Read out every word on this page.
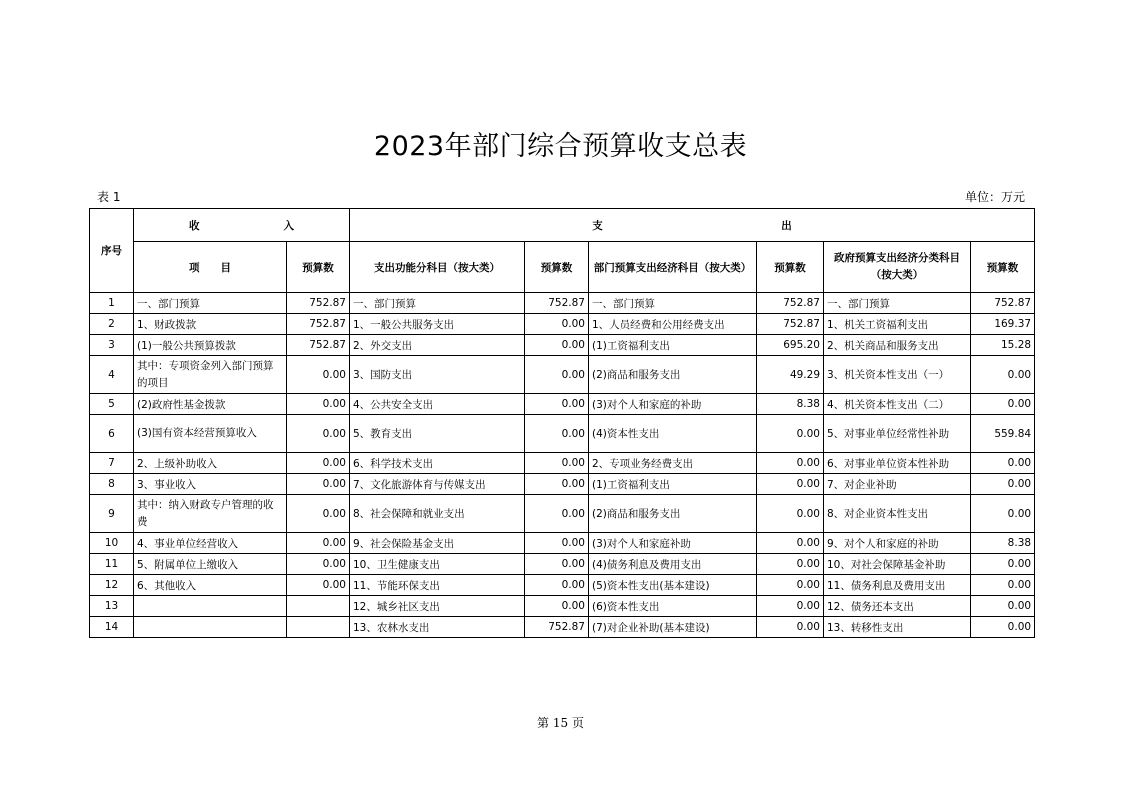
2023年部门综合预算收支总表
表 1	单位：万元
序号	收　　　　　　　　入		支　　　　　　　　　　　　　　　　　出					
	项　　目	预算数	支出功能分科目（按大类）	预算数	部门预算支出经济科目（按大类）	预算数	政府预算支出经济分类科目（按大类）	预算数
1	一、部门预算	752.87	一、部门预算	752.87	一、部门预算	752.87	一、部门预算	752.87
2	1、财政拨款	752.87	1、一般公共服务支出	0.00	1、人员经费和公用经费支出	752.87	1、机关工资福利支出	169.37
3	(1)一般公共预算拨款	752.87	2、外交支出	0.00	(1)工资福利支出	695.20	2、机关商品和服务支出	15.28
4	其中：专项资金列入部门预算的项目	0.00	3、国防支出	0.00	(2)商品和服务支出	49.29	3、机关资本性支出（一）	0.00
5	(2)政府性基金拨款	0.00	4、公共安全支出	0.00	(3)对个人和家庭的补助	8.38	4、机关资本性支出（二）	0.00
6	(3)国有资本经营预算收入	0.00	5、教育支出	0.00	(4)资本性支出	0.00	5、对事业单位经常性补助	559.84
7	2、上级补助收入	0.00	6、科学技术支出	0.00	2、专项业务经费支出	0.00	6、对事业单位资本性补助	0.00
8	3、事业收入	0.00	7、文化旅游体育与传媒支出	0.00	(1)工资福利支出	0.00	7、对企业补助	0.00
9	其中：纳入财政专户管理的收费	0.00	8、社会保障和就业支出	0.00	(2)商品和服务支出	0.00	8、对企业资本性支出	0.00
10	4、事业单位经营收入	0.00	9、社会保险基金支出	0.00	(3)对个人和家庭补助	0.00	9、对个人和家庭的补助	8.38
11	5、附属单位上缴收入	0.00	10、卫生健康支出	0.00	(4)债务利息及费用支出	0.00	10、对社会保障基金补助	0.00
12	6、其他收入	0.00	11、节能环保支出	0.00	(5)资本性支出(基本建设)	0.00	11、债务利息及费用支出	0.00
13			12、城乡社区支出	0.00	(6)资本性支出	0.00	12、债务还本支出	0.00
14			13、农林水支出	752.87	(7)对企业补助(基本建设)	0.00	13、转移性支出	0.00
第 15 页
